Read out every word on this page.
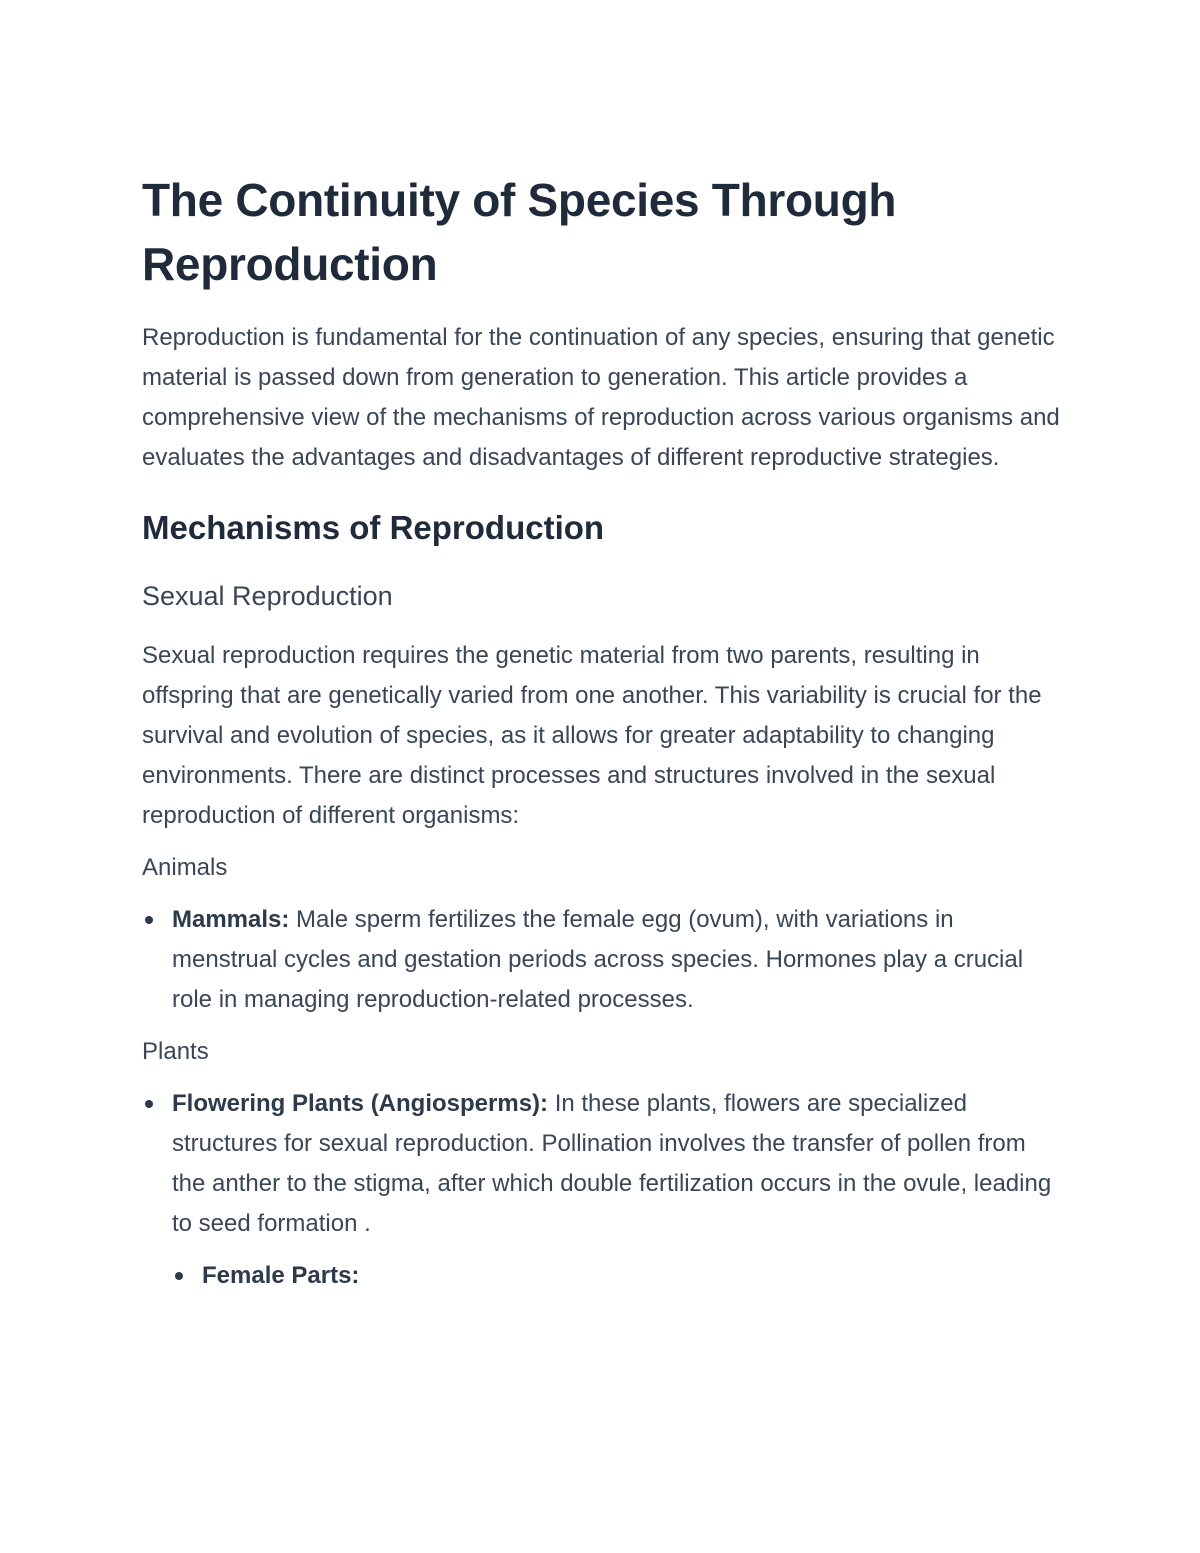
The Continuity of Species Through Reproduction

Reproduction is fundamental for the continuation of any species, ensuring that genetic material is passed down from generation to generation. This article provides a comprehensive view of the mechanisms of reproduction across various organisms and evaluates the advantages and disadvantages of different reproductive strategies.

Mechanisms of Reproduction
Sexual Reproduction

Sexual reproduction requires the genetic material from two parents, resulting in offspring that are genetically varied from one another. This variability is crucial for the survival and evolution of species, as it allows for greater adaptability to changing environments. There are distinct processes and structures involved in the sexual reproduction of different organisms:

Animals
Mammals: Male sperm fertilizes the female egg (ovum), with variations in menstrual cycles and gestation periods across species. Hormones play a crucial role in managing reproduction-related processes.
Plants
Flowering Plants (Angiosperms): In these plants, flowers are specialized structures for sexual reproduction. Pollination involves the transfer of pollen from the anther to the stigma, after which double fertilization occurs in the ovule, leading to seed formation .
Female Parts:
